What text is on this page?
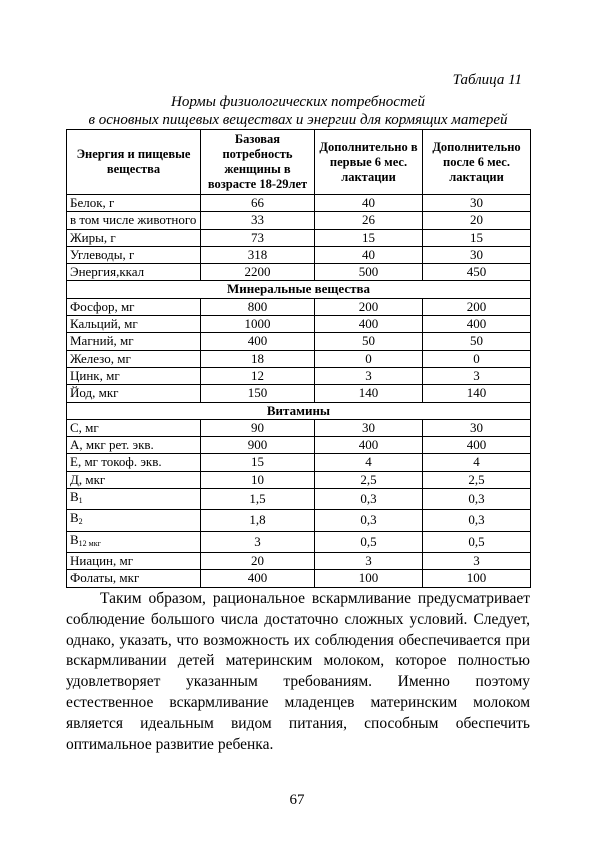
Таблица 11
Нормы физиологических потребностей
в основных пищевых веществах и энергии для кормящих матерей
Энергия и пищевые вещества	Базовая потребность женщины в возрасте 18-29лет	Дополнительно в первые 6 мес. лактации	Дополнительно после 6 мес. лактации
Белок, г	66	40	30
в том числе животного	33	26	20
Жиры, г	73	15	15
Углеводы, г	318	40	30
Энергия,ккал	2200	500	450
Минеральные вещества			
Фосфор, мг	800	200	200
Кальций, мг	1000	400	400
Магний, мг	400	50	50
Железо, мг	18	0	0
Цинк, мг	12	3	3
Йод, мкг	150	140	140
Витамины			
С, мг	90	30	30
А, мкг рет. экв.	900	400	400
Е, мг токоф. экв.	15	4	4
Д, мкг	10	2,5	2,5
$В_1$	1,5	0,3	0,3
$В_2$	1,8	0,3	0,3
$В_{12 мкг}$	3	0,5	0,5
Ниацин, мг	20	3	3
Фолаты, мкг	400	100	100

Таким образом, рациональное вскармливание предусматривает соблюдение большого числа достаточно сложных условий. Следует, однако, указать, что возможность их соблюдения обеспечивается при вскармливании детей материнским молоком, которое полностью удовлетворяет указанным требованиям. Именно поэтому естественное вскармливание младенцев материнским молоком является идеальным видом питания, способным обеспечить оптимальное развитие ребенка.

67
